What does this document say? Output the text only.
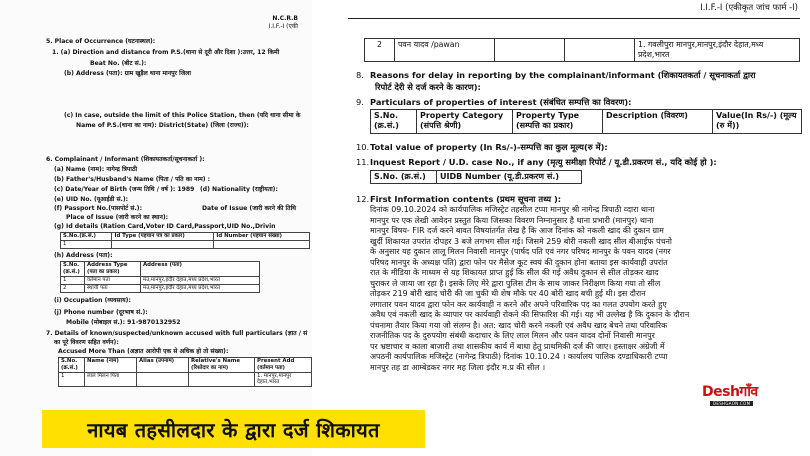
N.C.R.B
I.I.F.-I (एकी
5. Place of Occurrence (घटनास्थल):
1. (a) Direction and distance from P.S.(थाना से दूरी और दिशा ):उत्तर, 12 किमी
Beat No. (बीट सं.):
(b) Address (पता): ग्राम खुड़ैल थाना मानपुर जिला
(c) In case, outside the limit of this Police Station, then (यदि थाना सीमा के
Name of P.S.(थाना का नाम): District(State) (जिला (राज्य)):
6. Complainant / Informant (शिकायतकर्ता/सूचनाकर्ता ):
(a) Name (नाम): नागेन्द्र त्रिपाठी
(b) Father's/Husband's Name (पिता / पति का नाम) :
(c) Date/Year of Birth (जन्म तिथि / वर्ष ): 1989 (d) Nationality (राष्ट्रीयता):
(e) UID No. (यूआईडी सं.):
(f) Passport No.(पासपोर्ट सं.):	Date of Issue (जारी करने की तिथि
Place of Issue (जारी करने का स्थान):
(g) Id details (Ration Card,Voter ID Card,Passport,UID No.,Drivin
S.No.(क्र.सं.)	Id Type (पहचान पत्र का प्रकार)	Id Number (पहचान संख्या)
1		
(h) Address (पता):
S.No. (क्र.सं.)	Address Type (पता का प्रकार)	Address (पता)
1	वर्तमान पता	मउ,मानपुर,इंदौर देहात,मध्य प्रदेश,भारत
2	स्थायी पता	मउ,मानपुर,इंदौर देहात,मध्य प्रदेश,भारत
(i) Occupation (व्यवसाय):
(j) Phone number (दूरभाष सं.):
Mobile (मोबाइल सं.): 91-9870132952
7. Details of known/suspected/unknown accused with full particulars (ज्ञात / सं
का पूरे विवरण सहित वर्णन):
Accused More Than (अज्ञात आरोपी एक से अधिक हो तो संख्या):
S.No. (क्र.सं.)	Name (नाम)	Alias (उपनाम)	Relative's Name (रिश्तेदार का नाम)	Present Add (वर्तमान पता)
1	लाल मिलन पिता			1. मानपुर,मानपुर देहात,भारत
I.I.F.-I (एकीकृत जांच फार्म -I)
2	पवन यादव /pawan			1. गवलीपुरा मानपुर,मानपुर,इंदौर देहात,मध्य प्रदेश,भारत
8. Reasons for delay in reporting by the complainant/informant (शिकायतकर्ता / सूचनाकर्ता द्वारा
रिपोर्ट देरी से दर्ज करने के कारण):
9. Particulars of properties of interest (संबंधित सम्पत्ति का विवरण):
S.No. (क्र.सं.)	Property Category (संपत्ति श्रेणी)	Property Type (सम्पत्ति का प्रकार)	Description (विवरण)	Value(In Rs/-) (मूल्य (रु में))
10.Total value of property (In Rs/-)-सम्पत्ति का कुल मूल्य(रु में):
11.Inquest Report / U.D. case No., if any (मृत्यु समीक्षा रिपोर्ट / यू.डी.प्रकरण सं., यदि कोई हो ):
S.No. (क्र.सं.)	UIDB Number (यू.डी.प्रकरण सं.)
12.First Information contents (प्रथम सूचना तथ्य ):
दिनांक 09.10.2024 को कार्यपालिक मजिस्ट्रेट तहसील टप्पा मानपुर श्री नागेन्द्र त्रिपाठी व्दारा थाना
मानपुर पर एक लेखी आवेदन प्रस्तुत किया जिसका विवरण निम्नानुसार है थाना प्रभारी (मानपुर) थाना
मानपुर विषय- FIR दर्ज करने बावत विषयांतर्गत लेख है कि आज दिनांक को नकली खाद की दुकान ग्राम
खुर्दी शिकायत उपरांत दोपहर 3 बजे लगभग सील गई। जिसमे 259 बोरी नकली खाद सील बीआईफ पंचनो
के अनुसार यह दुकान लालू मिलन निवासी मानपुर (पार्षद पति एवं नगर परिषद मानपुर के पवन यादव (नगर
परिषद मानपुर के अध्यक्ष पति) द्वारा फोन पर मैसेज कूट स्वयं की दुकान होना बताया इस कार्यवाही उपरांत
रात के मीडिया के माध्यम से यह शिकायत प्राप्त हुई कि सील की गई अवैध दुकान से सील तोड़कर खाद
चुराकर ले जाया जा रहा है। इसके लिए मेरे द्वारा पुलिस टीम के साथ जाकर निरीक्षण किया गया तो सील
तोड़कर 219 बोरी खाद चोरी की जा चुकी थी शेष मौके पर 40 बोरी खाद बची हुई थी। इस दौरान
लगातार पवन यादव द्वारा फोन कर कार्यवाही न करने और अपने परिवारिक पद का गलत उपयोग करते हुए
अवैध एवं नकली खाद के व्यापार पर कार्यवाही रोकने की सिफारिश की गई। यह भी उल्लेख है कि दुकान के दौरान
पंचनामा तैयार किया गया जो संलग्न है। अत: खाद चोरी करने नकली एवं अवैध खाद बेचने तथा परिवारिक
राजनीतिक पद के दुरुपयोग संबंधी कदाचार के लिए लाल मिलन और पवन यादव दोनों निवासी मानपुर
पर भ्रष्टाचार व काला बाजारी तथा शासकीय कार्य में बाधा हेतु प्राथमिकी दर्ज की जाए। हस्ताक्षर अंग्रेजी में
अपठनी कार्यपालिक मजिस्ट्रेट (नागेन्द्र त्रिपाठी) दिनांक 10.10.24 । कार्यालय पालिक दण्डाधिकारी टप्पा
मानपुर तह डा आम्बेडकर नगर मह जिला इंदौर म.प्र की सील ।
नायब तहसीलदार के द्वारा दर्ज शिकायत
Deshगाँव
DESHGAON.COM
